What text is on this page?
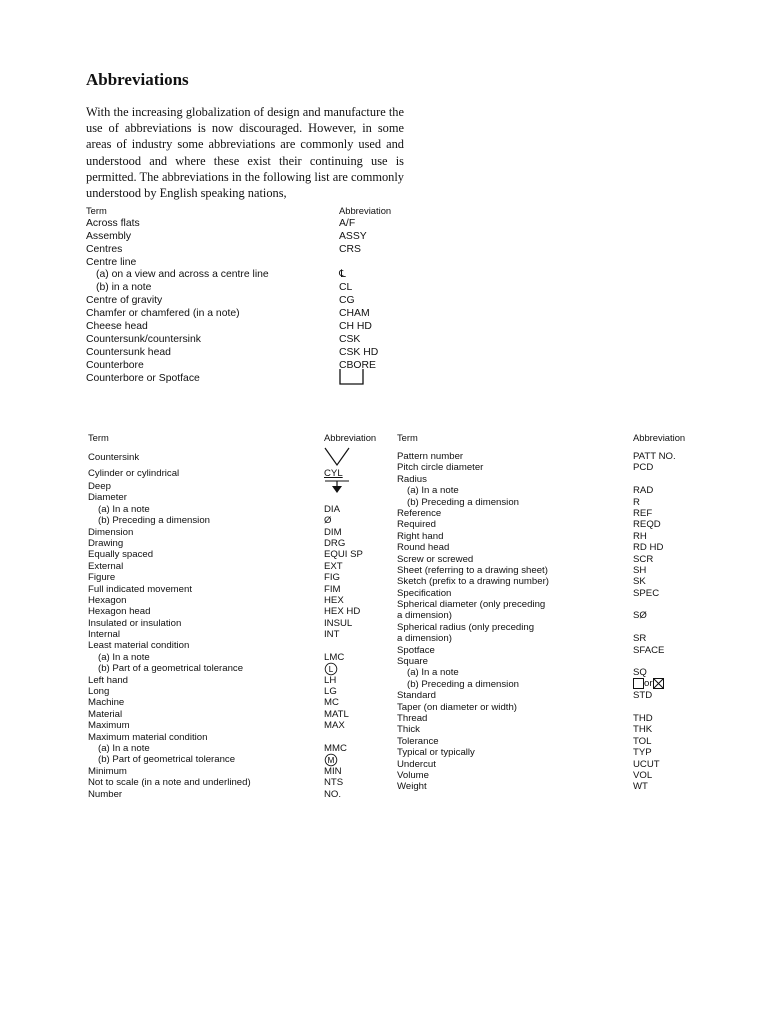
Abbreviations

With the increasing globalization of design and manufacture the use of abbreviations is now discouraged. However, in some areas of industry some abbreviations are commonly used and understood and where these exist their continuing use is permitted. The abbreviations in the following list are commonly understood by English speaking nations,

Term	Abbreviation
Across flats	A/F
Assembly	ASSY
Centres	CRS
Centre line
(a) on a view and across a centre line	℄
(b) in a note	CL
Centre of gravity	CG
Chamfer or chamfered (in a note)	CHAM
Cheese head	CH HD
Countersunk/countersink	CSK
Countersunk head	CSK HD
Counterbore	CBORE
Counterbore or Spotface
Term	Abbreviation
Countersink
Cylinder or cylindrical	CYL
Deep
Diameter
(a) In a note	DIA
(b) Preceding a dimension	Ø
Dimension	DIM
Drawing	DRG
Equally spaced	EQUI SP
External	EXT
Figure	FIG
Full indicated movement	FIM
Hexagon	HEX
Hexagon head	HEX HD
Insulated or insulation	INSUL
Internal	INT
Least material condition
(a) In a note	LMC
(b) Part of a geometrical tolerance	L
Left hand	LH
Long	LG
Machine	MC
Material	MATL
Maximum	MAX
Maximum material condition
(a) In a note	MMC
(b) Part of geometrical tolerance	M
Minimum	MIN
Not to scale (in a note and underlined)	NTS
Number	NO.
Term	Abbreviation
Pattern number	PATT NO.
Pitch circle diameter	PCD
Radius
(a) In a note	RAD
(b) Preceding a dimension	R
Reference	REF
Required	REQD
Right hand	RH
Round head	RD HD
Screw or screwed	SCR
Sheet (referring to a drawing sheet)	SH
Sketch (prefix to a drawing number)	SK
Specification	SPEC
Spherical diameter (only preceding
a dimension)	SØ
Spherical radius (only preceding
a dimension)	SR
Spotface	SFACE
Square
(a) In a note	SQ
(b) Preceding a dimension	or
Standard	STD
Taper (on diameter or width)
Thread	THD
Thick	THK
Tolerance	TOL
Typical or typically	TYP
Undercut	UCUT
Volume	VOL
Weight	WT
